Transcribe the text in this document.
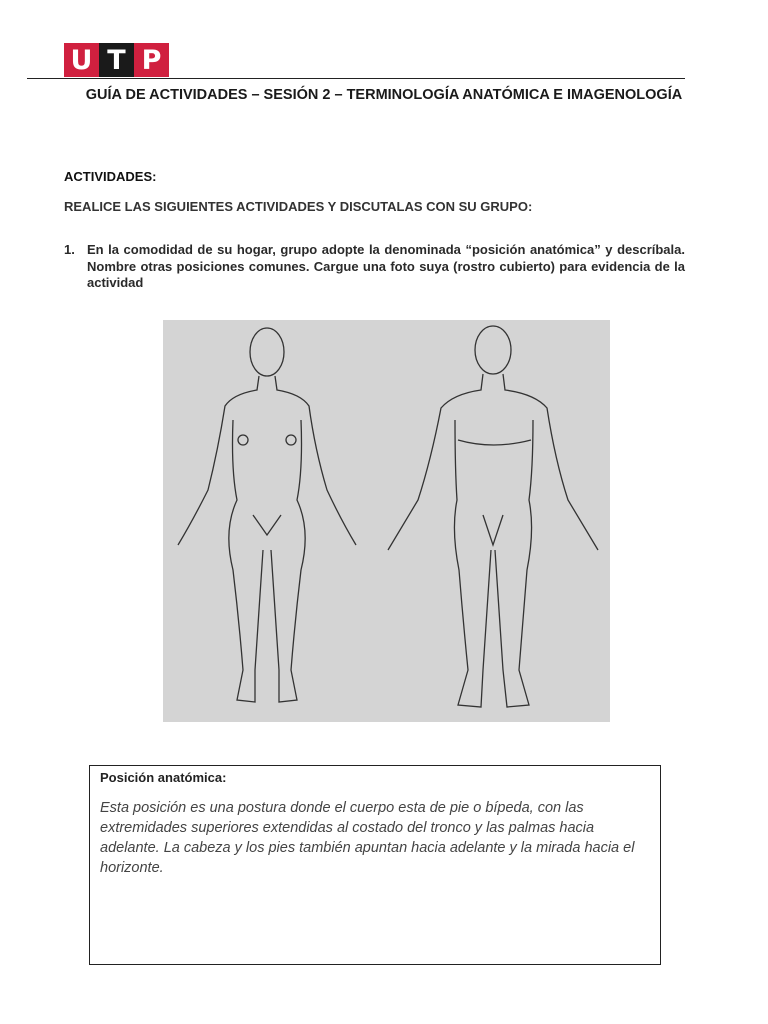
U T P
GUÍA DE ACTIVIDADES – SESIÓN 2 – TERMINOLOGÍA ANATÓMICA E IMAGENOLOGÍA
ACTIVIDADES:
REALICE LAS SIGUIENTES ACTIVIDADES Y DISCUTALAS CON SU GRUPO:
1. En la comodidad de su hogar, grupo adopte la denominada “posición anatómica” y descríbala. Nombre otras posiciones comunes. Cargue una foto suya (rostro cubierto) para evidencia de la actividad
Posición anatómica:
Esta posición es una postura donde el cuerpo esta de pie o bípeda, con las extremidades superiores extendidas al costado del tronco y las palmas hacia adelante. La cabeza y los pies también apuntan hacia adelante y la mirada hacia el horizonte.
